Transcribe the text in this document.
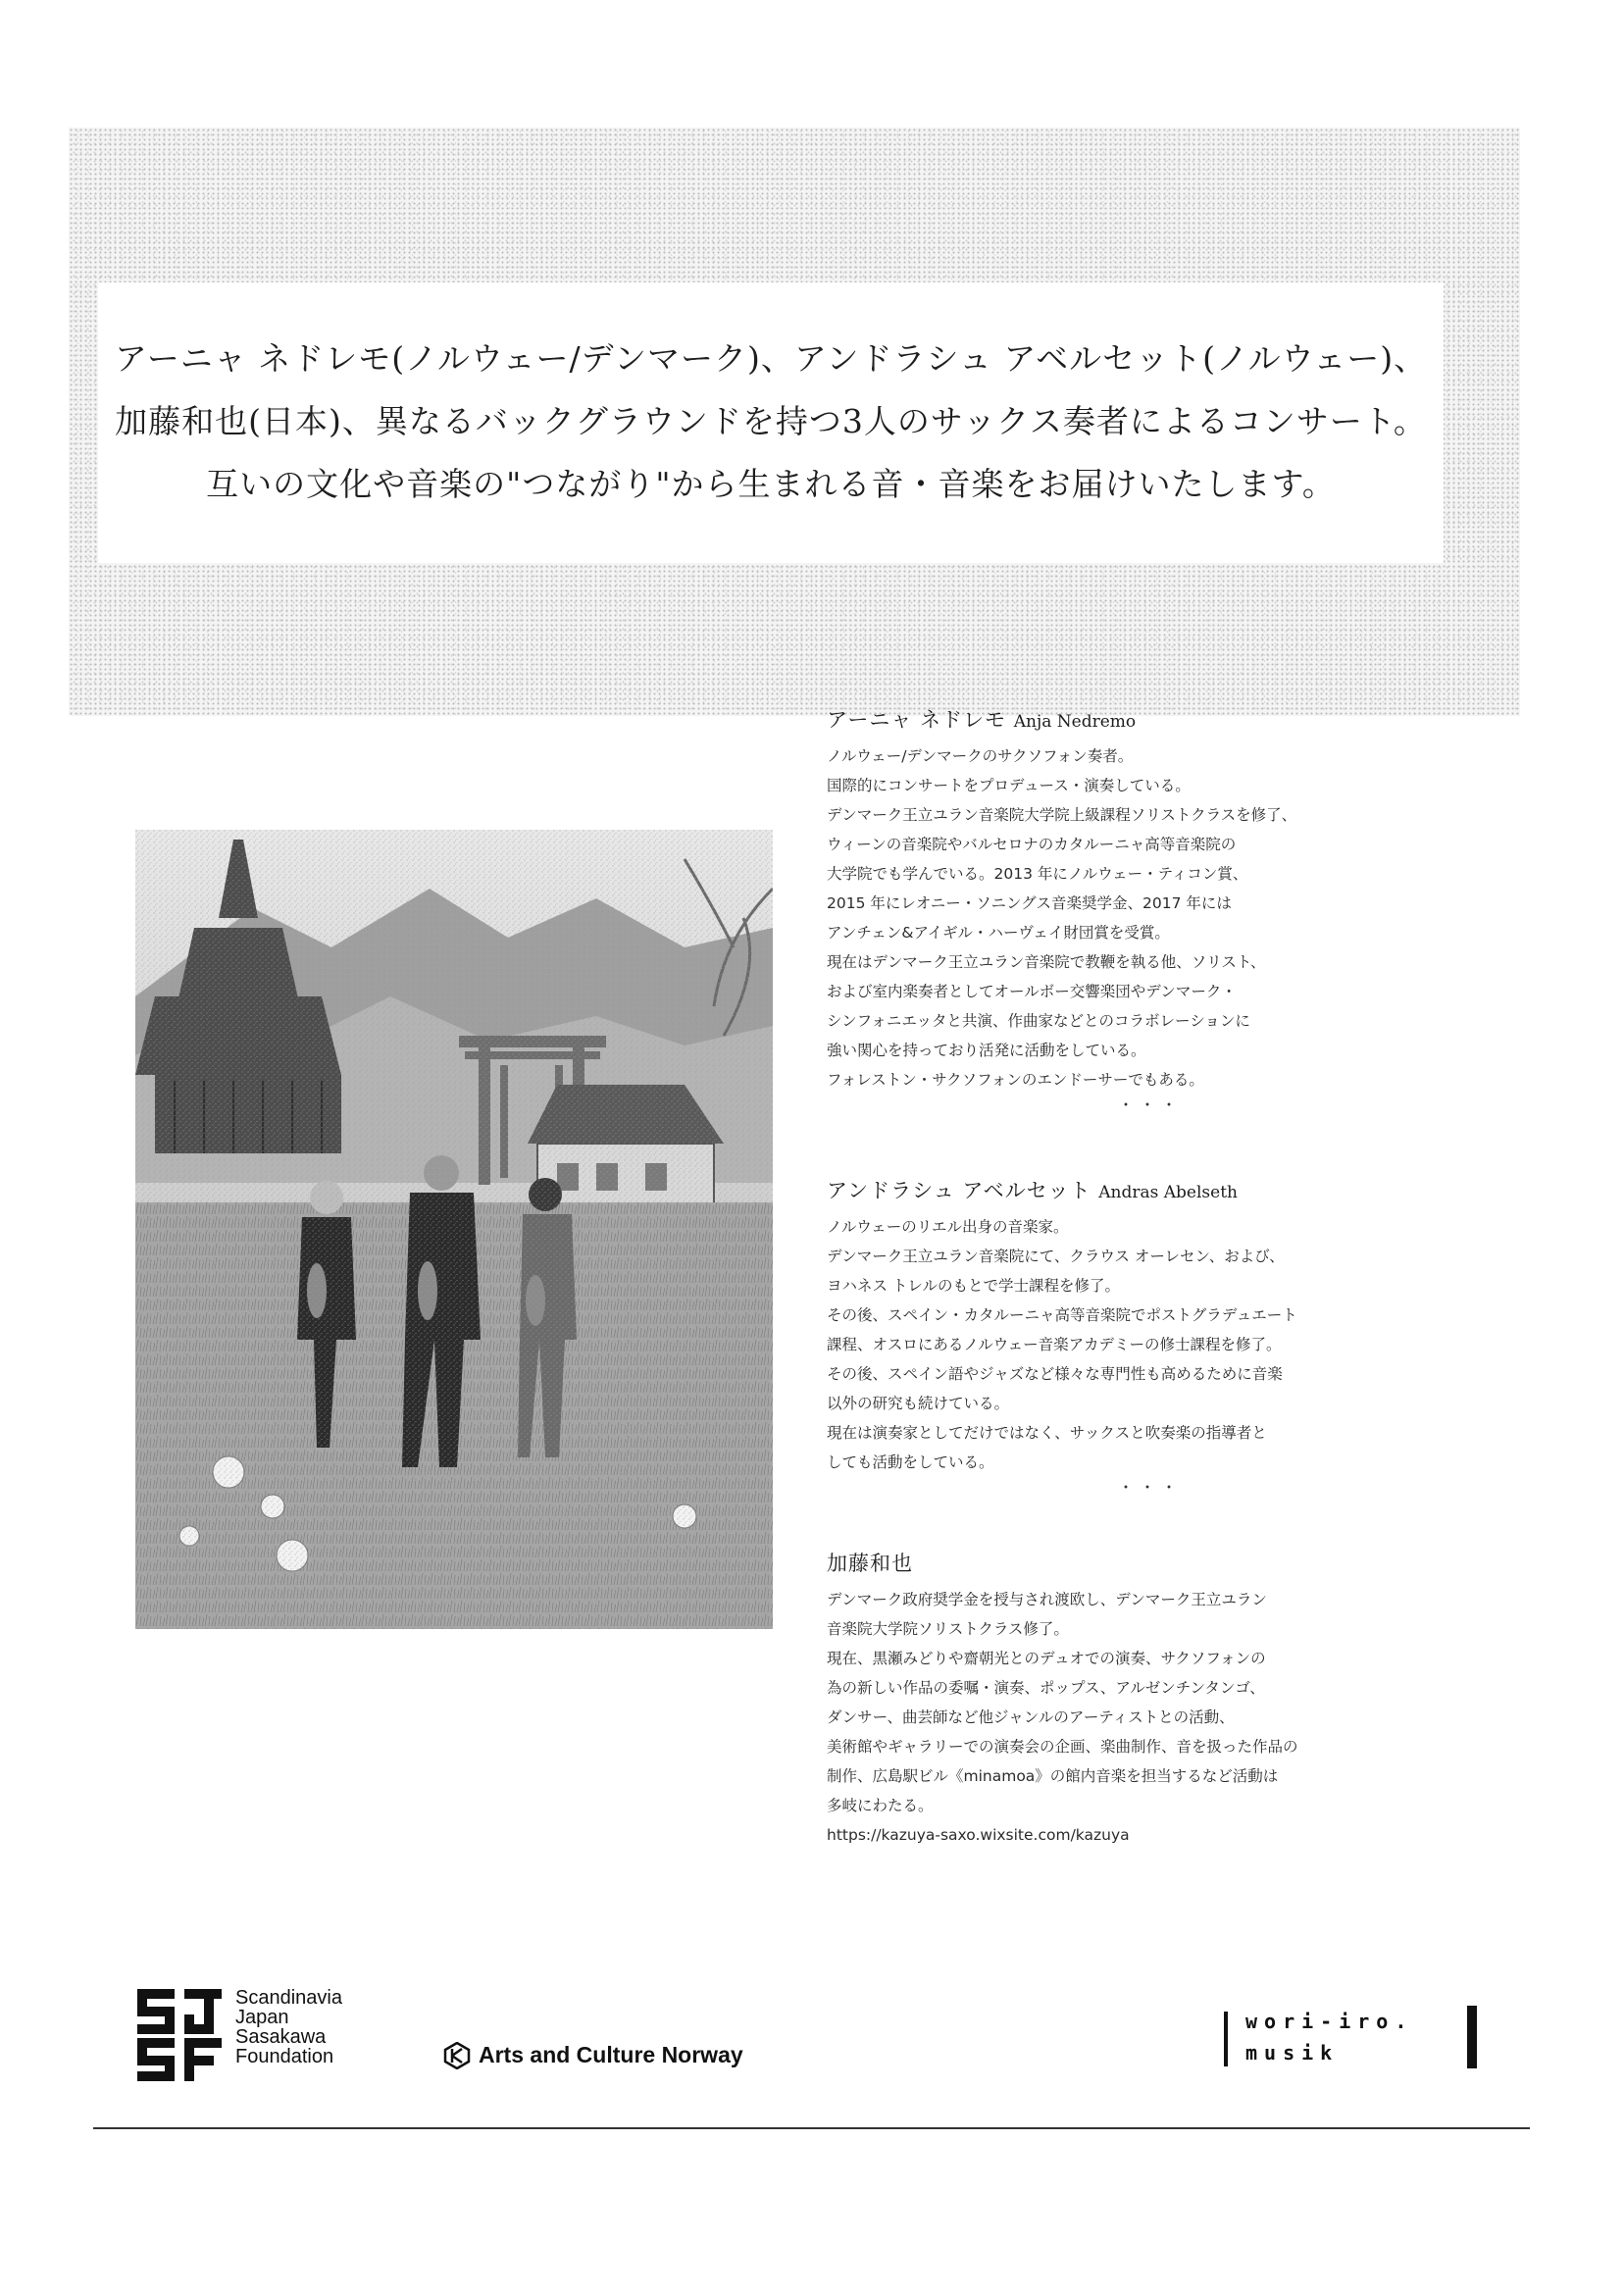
アーニャ ネドレモ(ノルウェー/デンマーク)、アンドラシュ アベルセット(ノルウェー)、
加藤和也(日本)、異なるバックグラウンドを持つ3人のサックス奏者によるコンサート。
互いの文化や音楽の"つながり"から生まれる音・音楽をお届けいたします。
アーニャ ネドレモ Anja Nedremo
ノルウェー/デンマークのサクソフォン奏者。
国際的にコンサートをプロデュース・演奏している。
デンマーク王立ユラン音楽院大学院上級課程ソリストクラスを修了、
ウィーンの音楽院やバルセロナのカタルーニャ高等音楽院の
大学院でも学んでいる。2013 年にノルウェー・ティコン賞、
2015 年にレオニー・ソニングス音楽奨学金、2017 年には
アンチェン&アイギル・ハーヴェイ財団賞を受賞。
現在はデンマーク王立ユラン音楽院で教鞭を執る他、ソリスト、
および室内楽奏者としてオールボー交響楽団やデンマーク・
シンフォニエッタと共演、作曲家などとのコラボレーションに
強い関心を持っており活発に活動をしている。
フォレストン・サクソフォンのエンドーサーでもある。
・・・
アンドラシュ アベルセット Andras Abelseth
ノルウェーのリエル出身の音楽家。
デンマーク王立ユラン音楽院にて、クラウス オーレセン、および、
ヨハネス トレルのもとで学士課程を修了。
その後、スペイン・カタルーニャ高等音楽院でポストグラデュエート
課程、オスロにあるノルウェー音楽アカデミーの修士課程を修了。
その後、スペイン語やジャズなど様々な専門性も高めるために音楽
以外の研究も続けている。
現在は演奏家としてだけではなく、サックスと吹奏楽の指導者と
しても活動をしている。
・・・
加藤和也
デンマーク政府奨学金を授与され渡欧し、デンマーク王立ユラン
音楽院大学院ソリストクラス修了。
現在、黒瀬みどりや齋朝光とのデュオでの演奏、サクソフォンの
為の新しい作品の委嘱・演奏、ポップス、アルゼンチンタンゴ、
ダンサー、曲芸師など他ジャンルのアーティストとの活動、
美術館やギャラリーでの演奏会の企画、楽曲制作、音を扱った作品の
制作、広島駅ビル《minamoa》の館内音楽を担当するなど活動は
多岐にわたる。
https://kazuya-saxo.wixsite.com/kazuya
Scandinavia
Japan
Sasakawa
Foundation	Arts and Culture Norway
wori-iro.
musik
